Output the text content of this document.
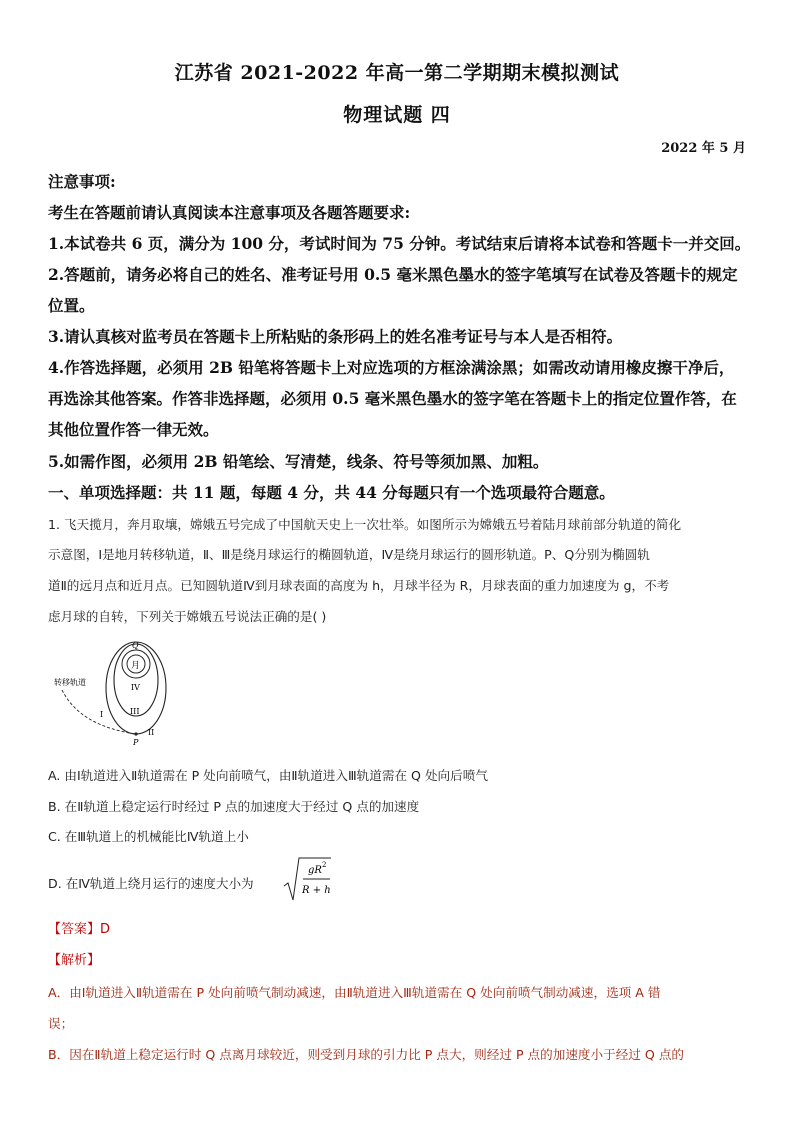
江苏省 2021-2022 年高一第二学期期末模拟测试
物理试题 四
2022 年 5 月
注意事项:
考生在答题前请认真阅读本注意事项及各题答题要求:
1.本试卷共 6 页，满分为 100 分，考试时间为 75 分钟。考试结束后请将本试卷和答题卡一并交回。
2.答题前，请务必将自己的姓名、准考证号用 0.5 毫米黑色墨水的签字笔填写在试卷及答题卡的规定
位置。
3.请认真核对监考员在答题卡上所粘贴的条形码上的姓名准考证号与本人是否相符。
4.作答选择题，必须用 2B 铅笔将答题卡上对应选项的方框涂满涂黑；如需改动请用橡皮擦干净后，
再选涂其他答案。作答非选择题，必须用 0.5 毫米黑色墨水的签字笔在答题卡上的指定位置作答，在
其他位置作答一律无效。
5.如需作图，必须用 2B 铅笔绘、写清楚，线条、符号等须加黑、加粗。
一、单项选择题：共 11 题，每题 4 分，共 44 分每题只有一个选项最符合题意。
1. 飞天揽月，奔月取壤，嫦娥五号完成了中国航天史上一次壮举。如图所示为嫦娥五号着陆月球前部分轨道的简化
示意图，Ⅰ是地月转移轨道，Ⅱ、Ⅲ是绕月球运行的椭圆轨道，Ⅳ是绕月球运行的圆形轨道。P、Q分别为椭圆轨
道Ⅱ的远月点和近月点。已知圆轨道Ⅳ到月球表面的高度为 h，月球半径为 R，月球表面的重力加速度为 g，不考
虑月球的自转，下列关于嫦娥五号说法正确的是( )
月
转移轨道
I	III
IV
II
Q
P
A. 由Ⅰ轨道进入Ⅱ轨道需在 P 处向前喷气，由Ⅱ轨道进入Ⅲ轨道需在 Q 处向后喷气
B. 在Ⅱ轨道上稳定运行时经过 P 点的加速度大于经过 Q 点的加速度
C. 在Ⅲ轨道上的机械能比Ⅳ轨道上小
D. 在Ⅳ轨道上绕月运行的速度大小为
gR 2
R + h
【答案】D
【解析】
A．由Ⅰ轨道进入Ⅱ轨道需在 P 处向前喷气制动减速，由Ⅱ轨道进入Ⅲ轨道需在 Q 处向前喷气制动减速，选项 A 错
误；
B．因在Ⅱ轨道上稳定运行时 Q 点离月球较近，则受到月球的引力比 P 点大，则经过 P 点的加速度小于经过 Q 点的
